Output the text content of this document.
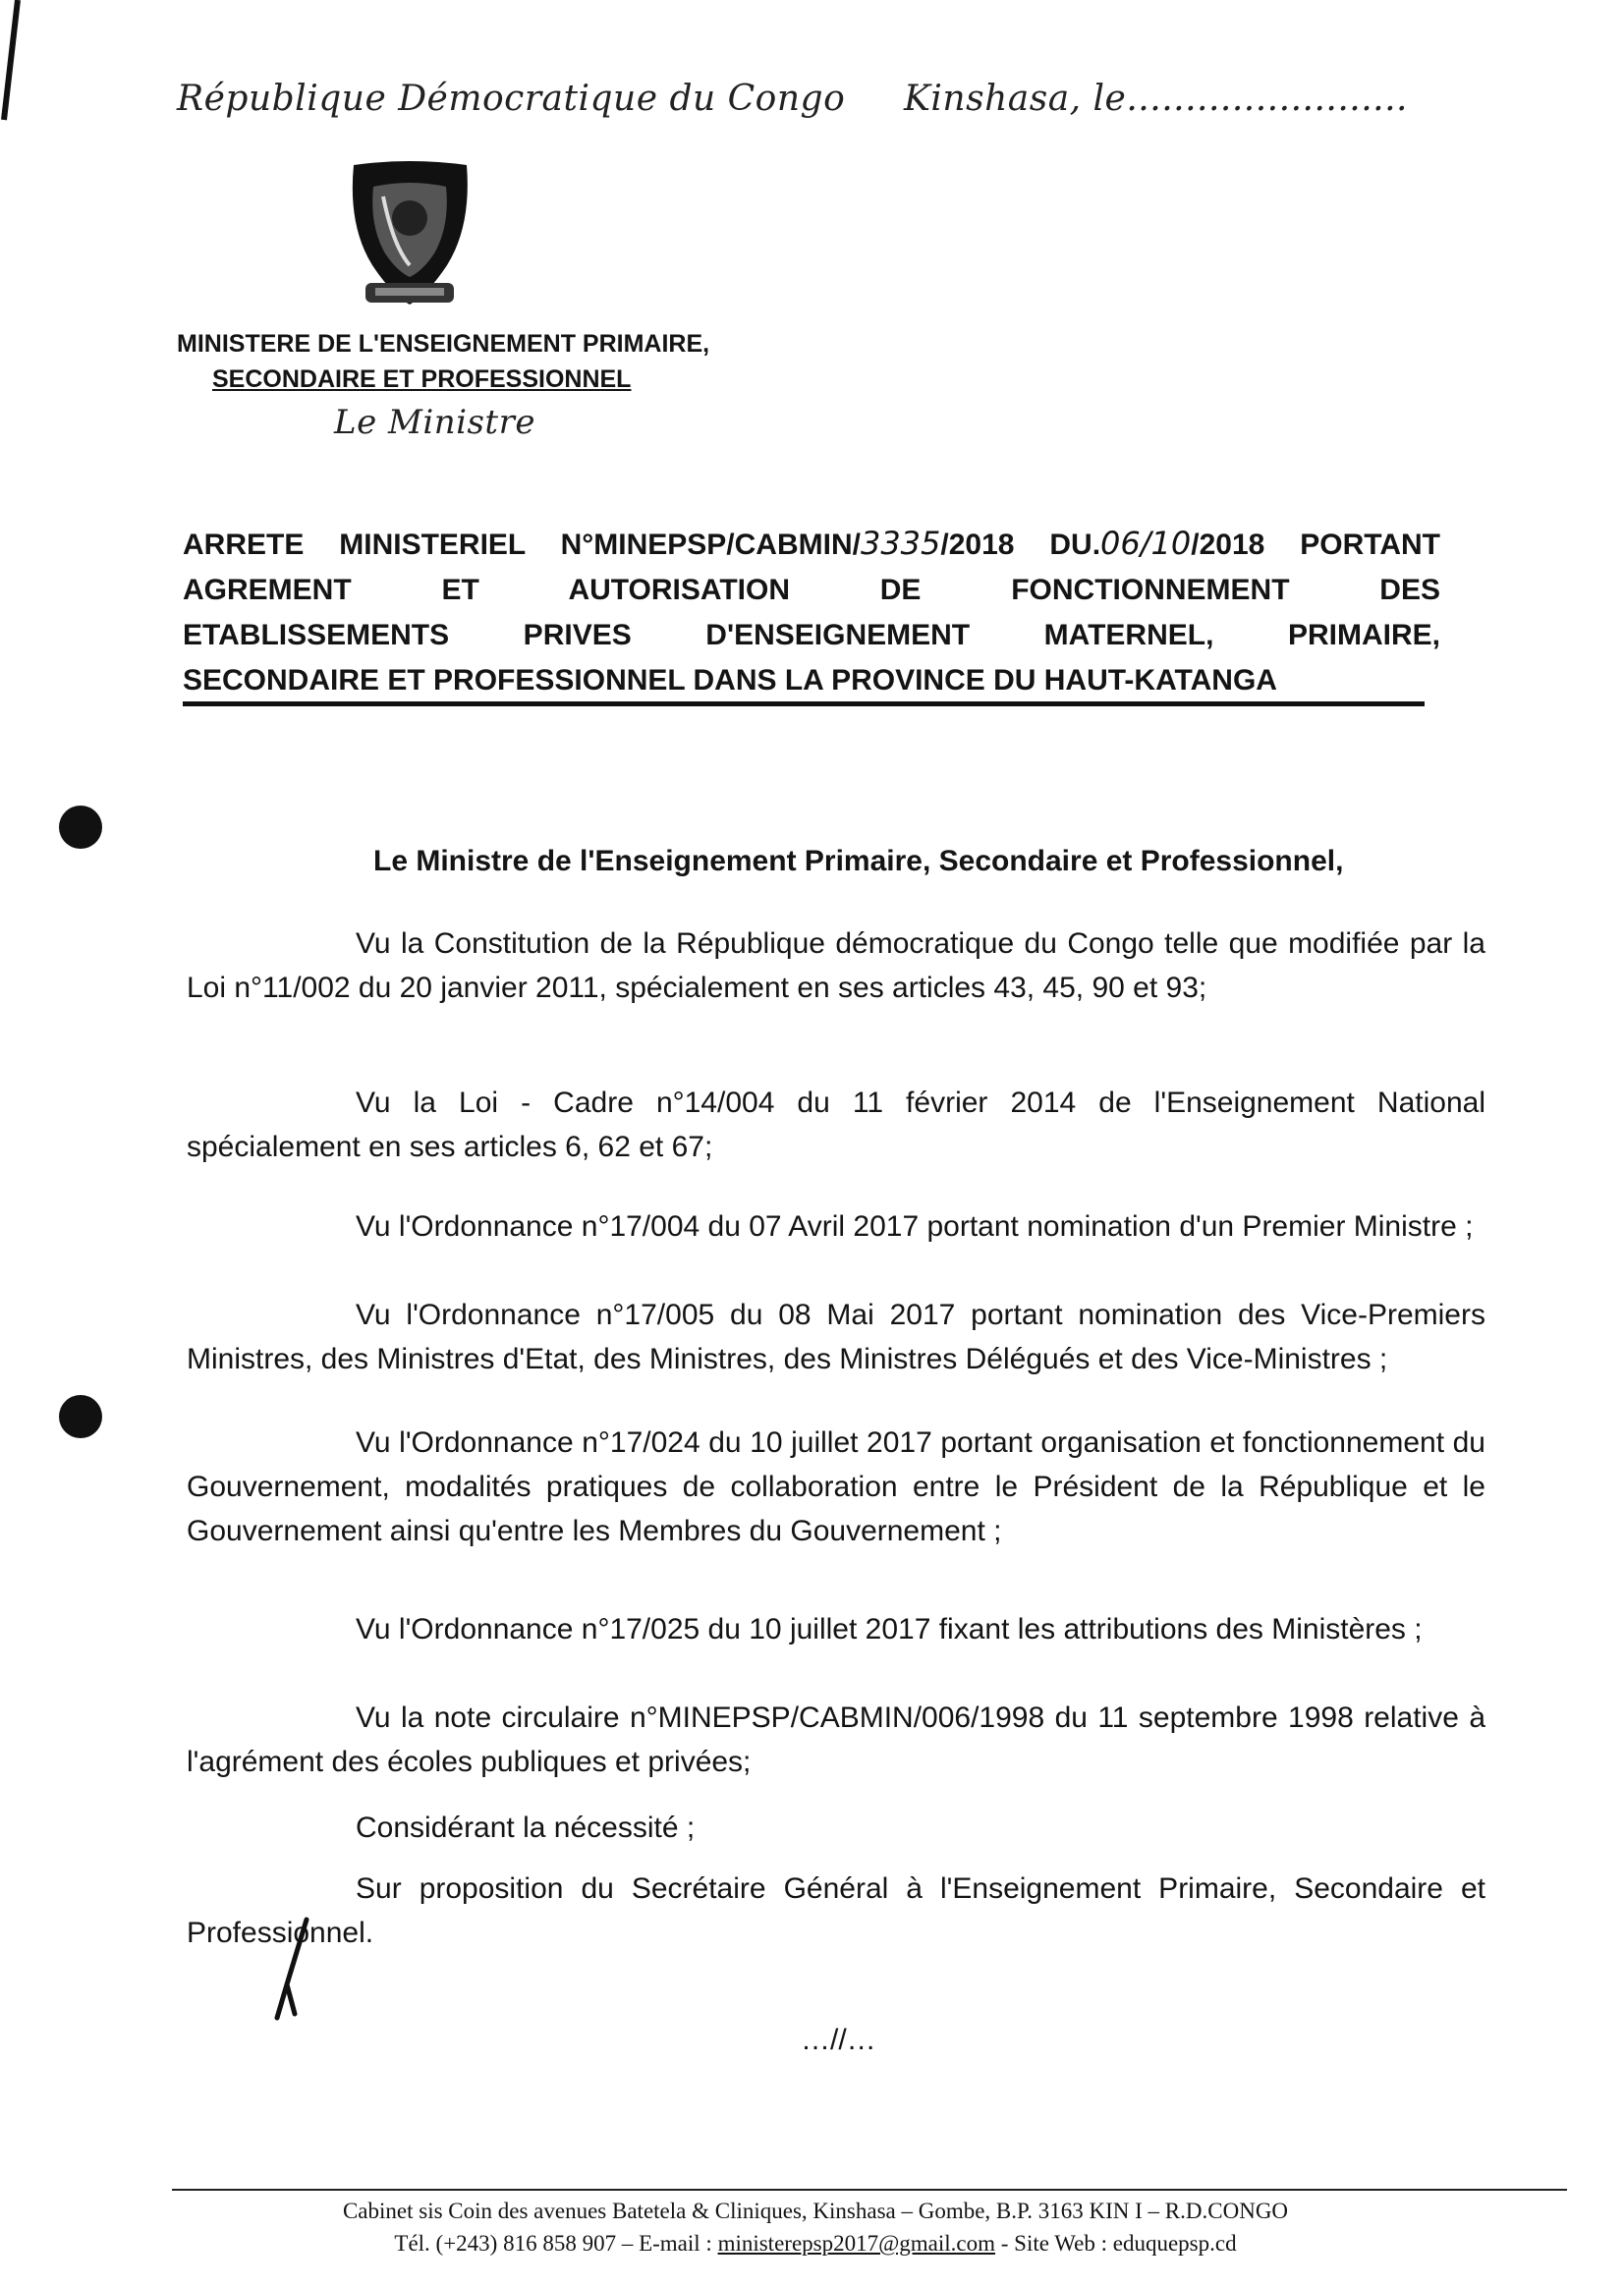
République Démocratique du Congo Kinshasa, le........................
MINISTERE DE L'ENSEIGNEMENT PRIMAIRE,
SECONDAIRE ET PROFESSIONNEL
Le Ministre
ARRETE MINISTERIEL N°MINEPSP/CABMIN/3335/2018 DU.06/10/2018 PORTANT
AGREMENT ET AUTORISATION DE FONCTIONNEMENT DES
ETABLISSEMENTS PRIVES D'ENSEIGNEMENT MATERNEL, PRIMAIRE,
SECONDAIRE ET PROFESSIONNEL DANS LA PROVINCE DU HAUT-KATANGA
Le Ministre de l'Enseignement Primaire, Secondaire et Professionnel,
Vu la Constitution de la République démocratique du Congo telle que modifiée par la Loi n°11/002 du 20 janvier 2011, spécialement en ses articles 43, 45, 90 et 93;
Vu la Loi - Cadre n°14/004 du 11 février 2014 de l'Enseignement National spécialement en ses articles 6, 62 et 67;
Vu l'Ordonnance n°17/004 du 07 Avril 2017 portant nomination d'un Premier Ministre ;
Vu l'Ordonnance n°17/005 du 08 Mai 2017 portant nomination des Vice-Premiers Ministres, des Ministres d'Etat, des Ministres, des Ministres Délégués et des Vice-Ministres ;
Vu l'Ordonnance n°17/024 du 10 juillet 2017 portant organisation et fonctionnement du Gouvernement, modalités pratiques de collaboration entre le Président de la République et le Gouvernement ainsi qu'entre les Membres du Gouvernement ;
Vu l'Ordonnance n°17/025 du 10 juillet 2017 fixant les attributions des Ministères ;
Vu la note circulaire n°MINEPSP/CABMIN/006/1998 du 11 septembre 1998 relative à l'agrément des écoles publiques et privées;
Considérant la nécessité ;
Sur proposition du Secrétaire Général à l'Enseignement Primaire, Secondaire et Professionnel.
…//…
Cabinet sis Coin des avenues Batetela & Cliniques, Kinshasa – Gombe, B.P. 3163 KIN I – R.D.CONGO
Tél. (+243) 816 858 907 – E-mail : ministerepsp2017@gmail.com - Site Web : eduquepsp.cd
